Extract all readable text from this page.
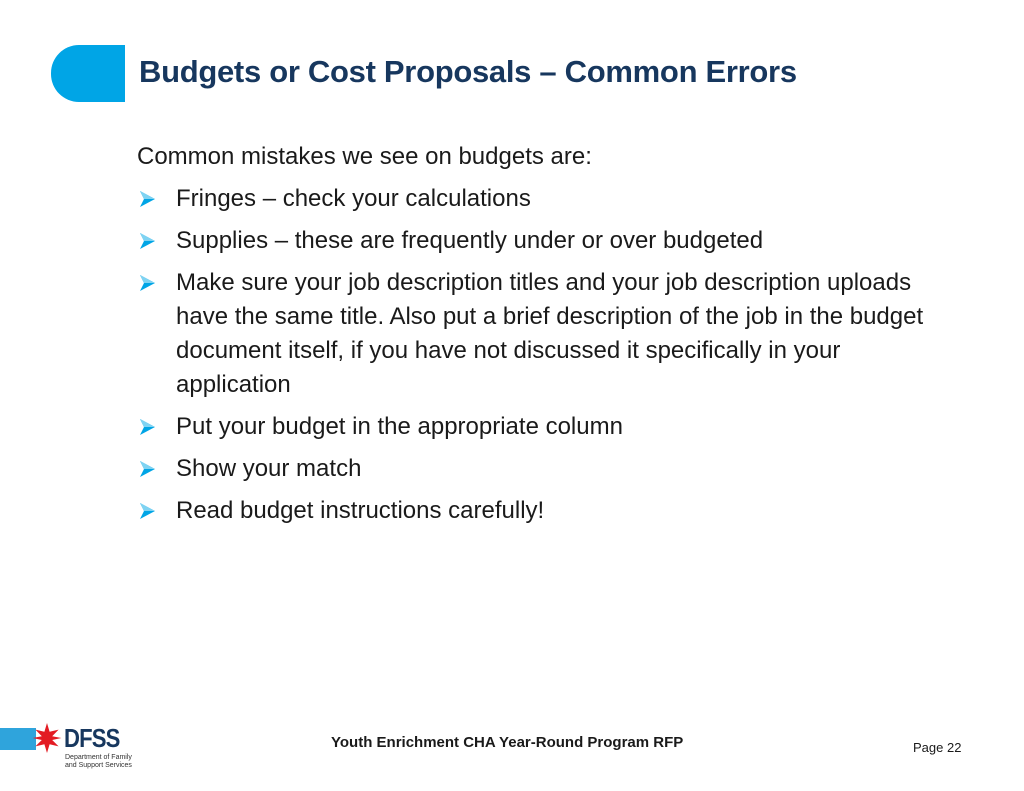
Budgets or Cost Proposals – Common Errors

Common mistakes we see on budgets are:

Fringes – check your calculations
Supplies – these are frequently under or over budgeted
Make sure your job description titles and your job description uploads have the same title. Also put a brief description of the job in the budget document itself, if you have not discussed it specifically in your application
Put your budget in the appropriate column
Show your match
Read budget instructions carefully!
DFSS
Department of Family
and Support Services
Youth Enrichment CHA Year-Round Program RFP	Page 22
